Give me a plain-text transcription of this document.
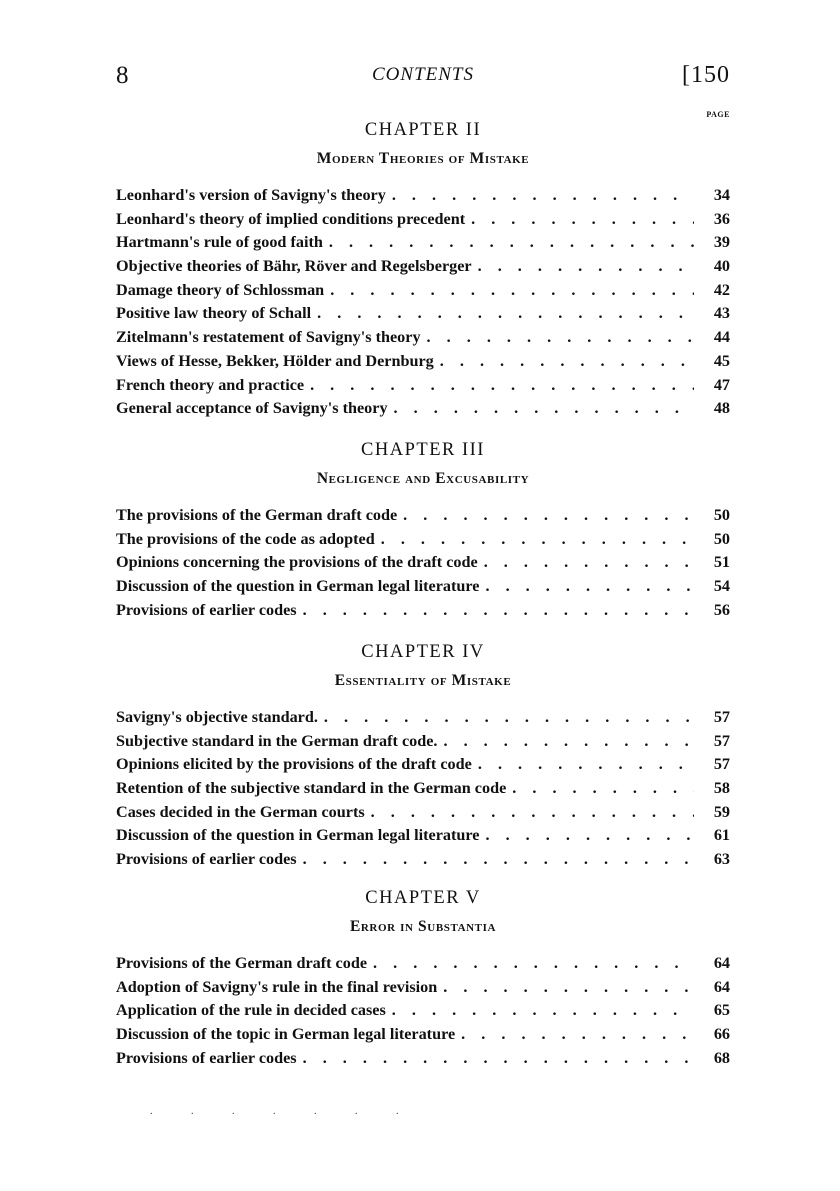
8	CONTENTS	[150
PAGE
CHAPTER II
Modern Theories of Mistake
Leonhard's version of Savigny's theory . . .	34
Leonhard's theory of implied conditions precedent . . .	36
Hartmann's rule of good faith . . .	39
Objective theories of Bähr, Röver and Regelsberger . . .	40
Damage theory of Schlossman . . .	42
Positive law theory of Schall . . .	43
Zitelmann's restatement of Savigny's theory . . .	44
Views of Hesse, Bekker, Hölder and Dernburg . . .	45
French theory and practice . . .	47
General acceptance of Savigny's theory . . .	48
CHAPTER III
Negligence and Excusability
The provisions of the German draft code . . .	50
The provisions of the code as adopted . . .	50
Opinions concerning the provisions of the draft code . . .	51
Discussion of the question in German legal literature . . .	54
Provisions of earlier codes . . .	56
CHAPTER IV
Essentiality of Mistake
Savigny's objective standard. . . .	57
Subjective standard in the German draft code. . . .	57
Opinions elicited by the provisions of the draft code . . .	57
Retention of the subjective standard in the German code . . .	58
Cases decided in the German courts . . .	59
Discussion of the question in German legal literature . . .	61
Provisions of earlier codes . . .	63
CHAPTER V
Error in Substantia
Provisions of the German draft code . . .	64
Adoption of Savigny's rule in the final revision . . .	64
Application of the rule in decided cases . . .	65
Discussion of the topic in German legal literature . . .	66
Provisions of earlier codes . . .	68
. . . . . . .
